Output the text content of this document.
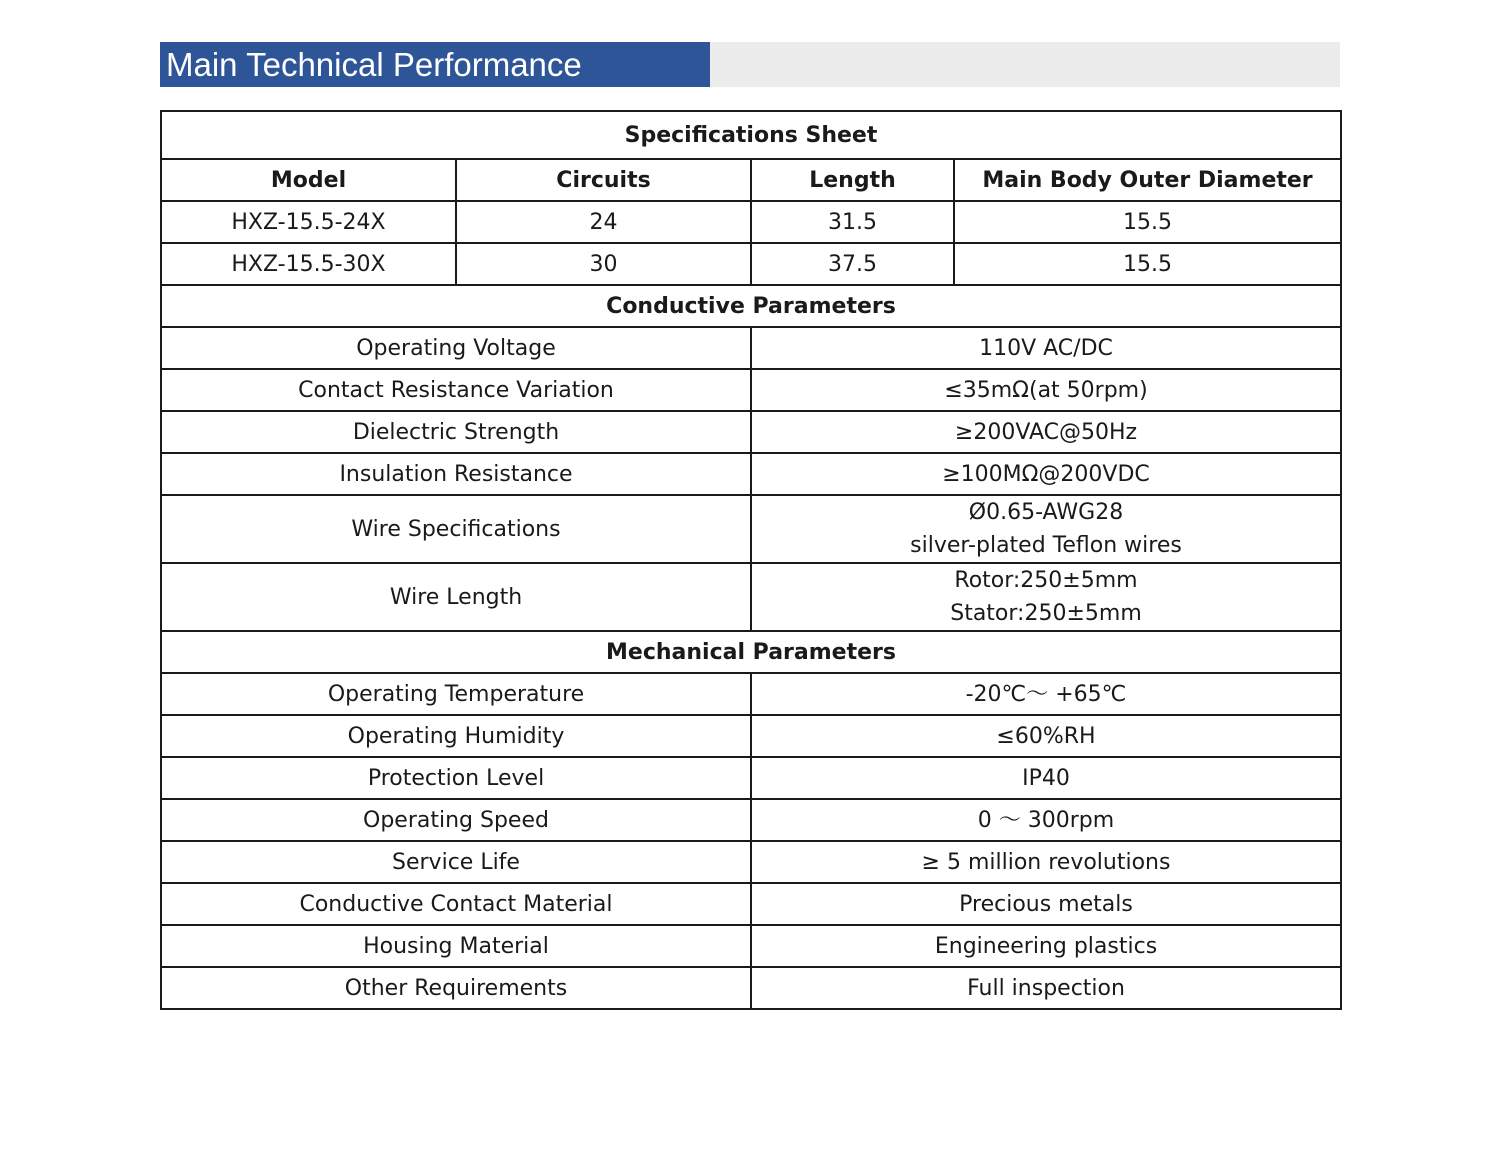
Main Technical Performance
Specifications Sheet			
Model	Circuits	Length	Main Body Outer Diameter
HXZ-15.5-24X	24	31.5	15.5
HXZ-15.5-30X	30	37.5	15.5
Conductive Parameters			
Operating Voltage		110V AC/DC	
Contact Resistance Variation		≤35mΩ(at 50rpm)	
Dielectric Strength		≥200VAC@50Hz	
Insulation Resistance		≥100MΩ@200VDC	
Wire Specifications		Ø0.65-AWG28
silver-plated Teflon wires	

Wire Length		Rotor:250±5mm
Stator:250±5mm	

Mechanical Parameters			
Operating Temperature		-20℃～ +65℃	
Operating Humidity		≤60%RH	
Protection Level		IP40	
Operating Speed		0 ～ 300rpm	
Service Life		≥ 5 million revolutions	
Conductive Contact Material		Precious metals	
Housing Material		Engineering plastics	
Other Requirements		Full inspection	
